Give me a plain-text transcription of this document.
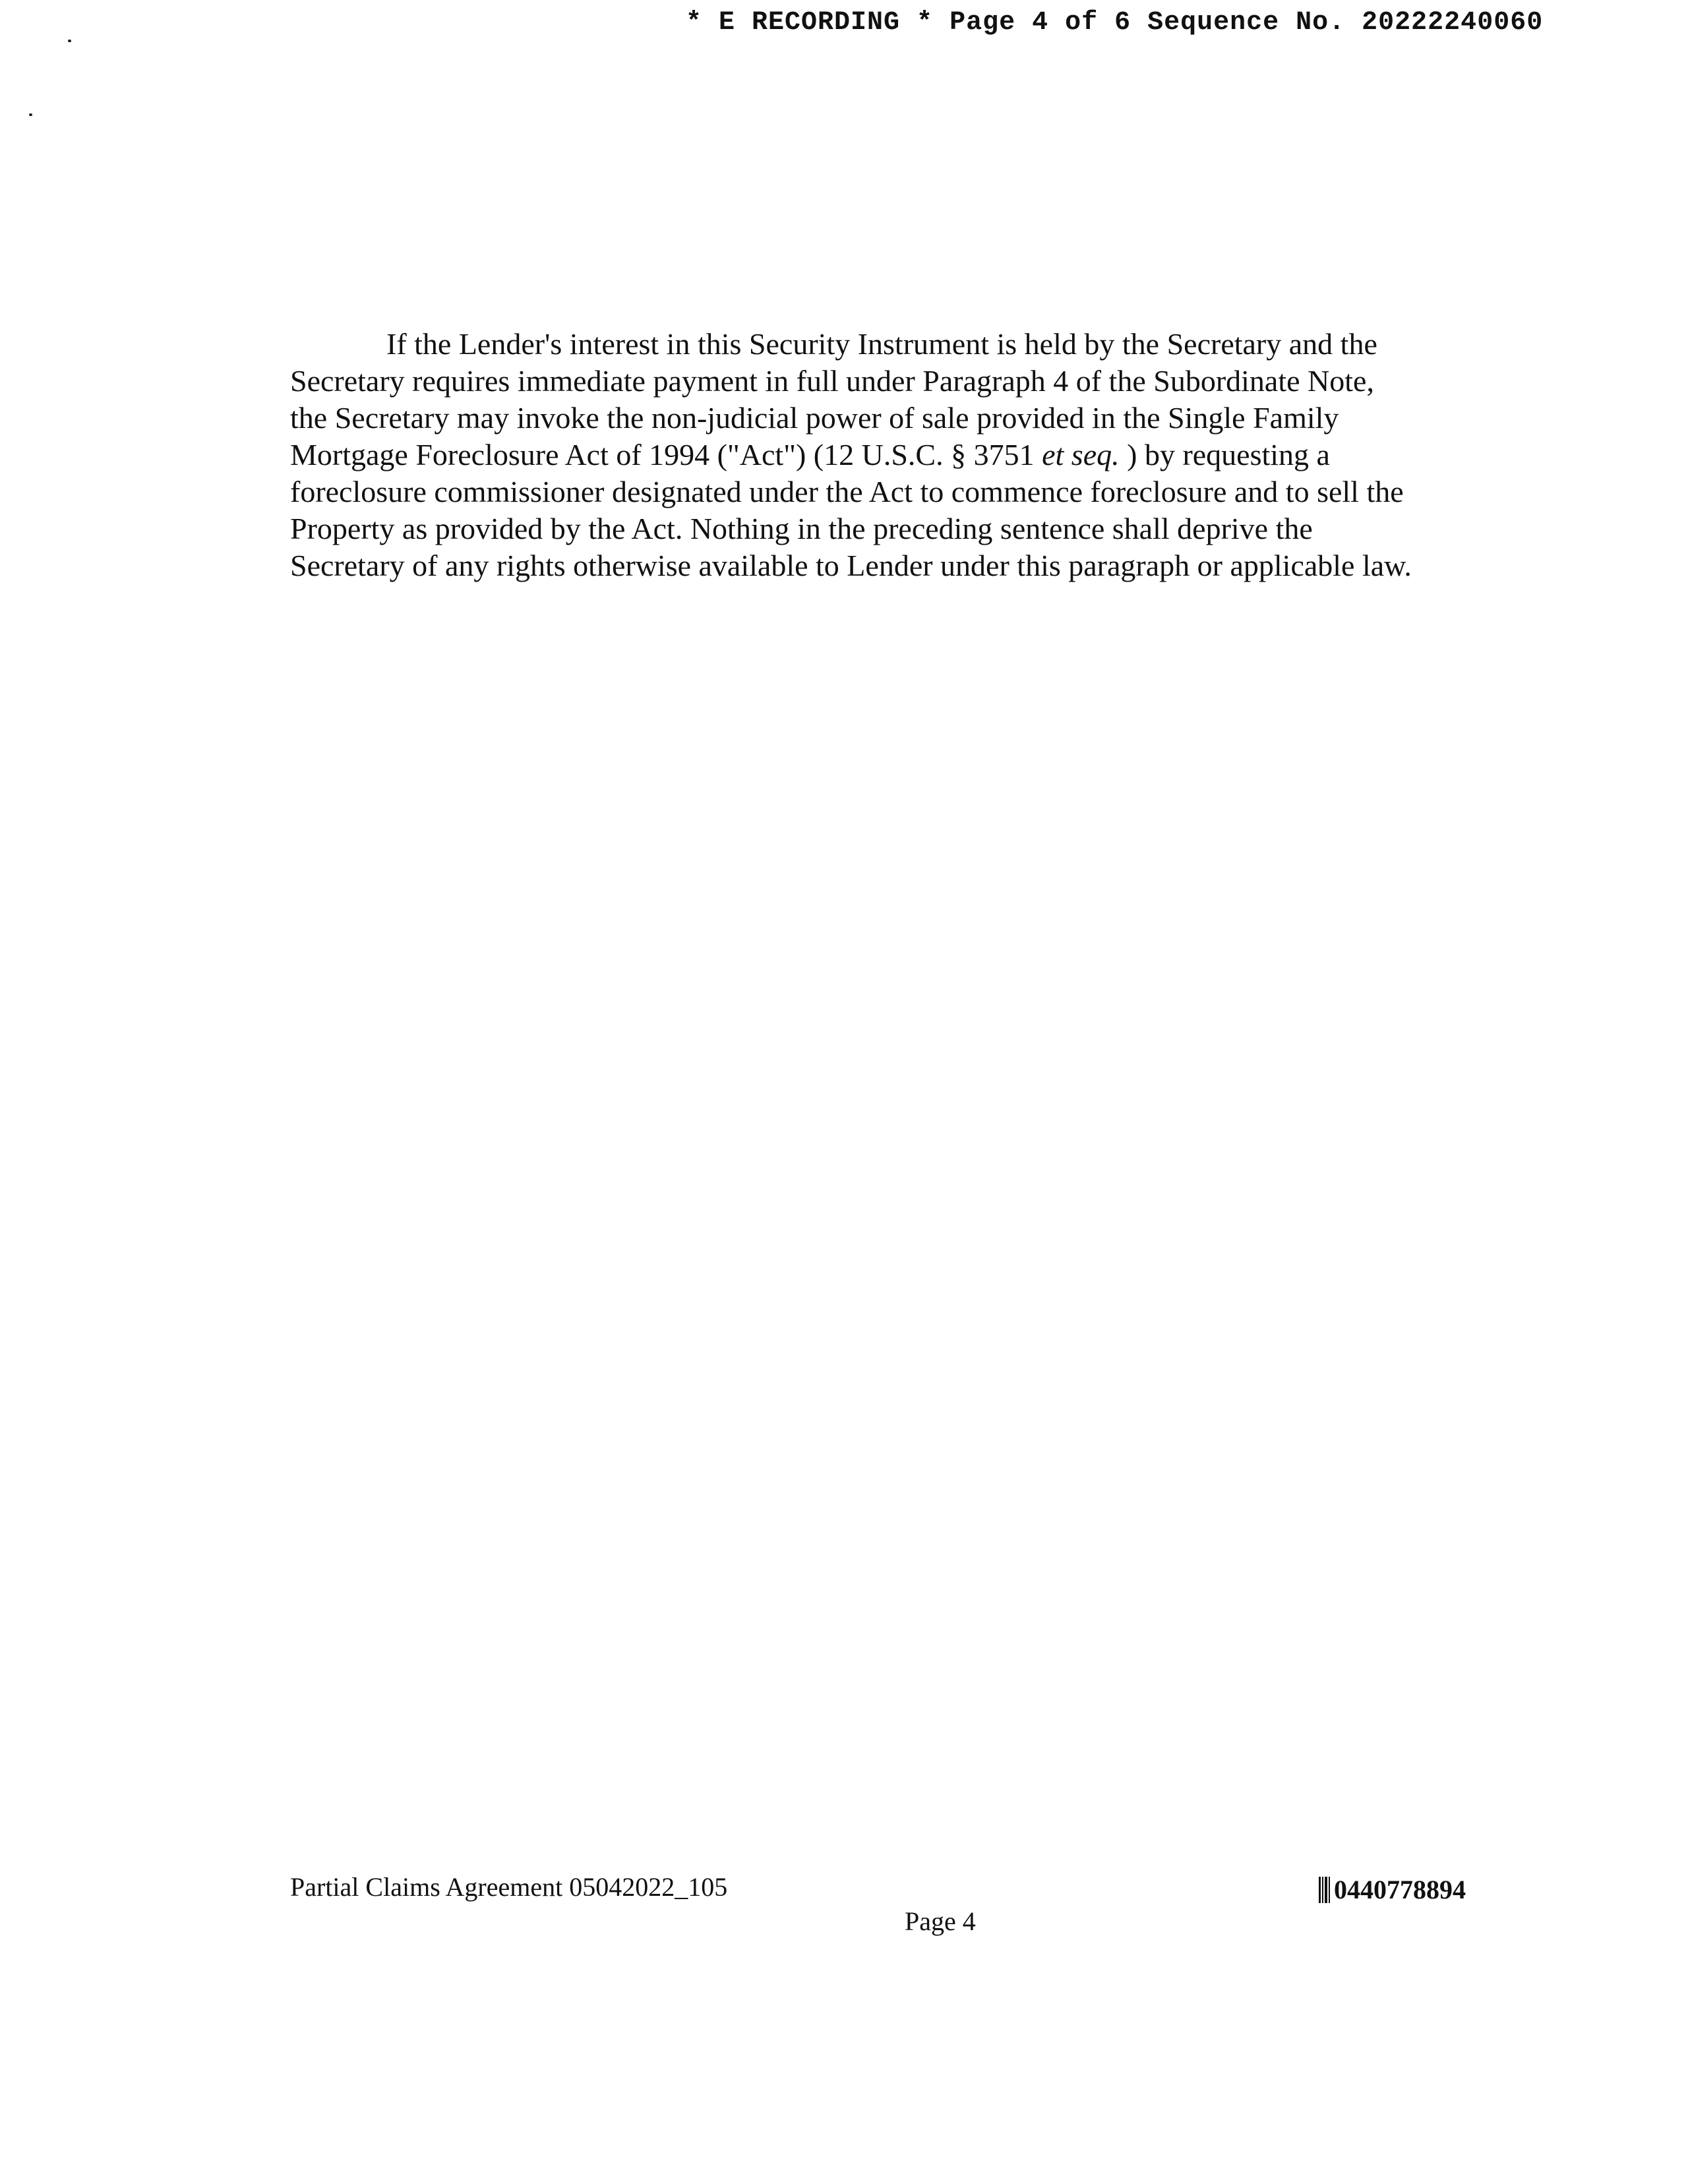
* E RECORDING * Page 4 of 6 Sequence No. 20222240060
If the Lender's interest in this Security Instrument is held by the Secretary and the
Secretary requires immediate payment in full under Paragraph 4 of the Subordinate Note,
the Secretary may invoke the non-judicial power of sale provided in the Single Family
Mortgage Foreclosure Act of 1994 ("Act") (12 U.S.C. § 3751 et seq. ) by requesting a
foreclosure commissioner designated under the Act to commence foreclosure and to sell the
Property as provided by the Act. Nothing in the preceding sentence shall deprive the
Secretary of any rights otherwise available to Lender under this paragraph or applicable law.
Partial Claims Agreement 05042022_105
Page 4
0440778894
